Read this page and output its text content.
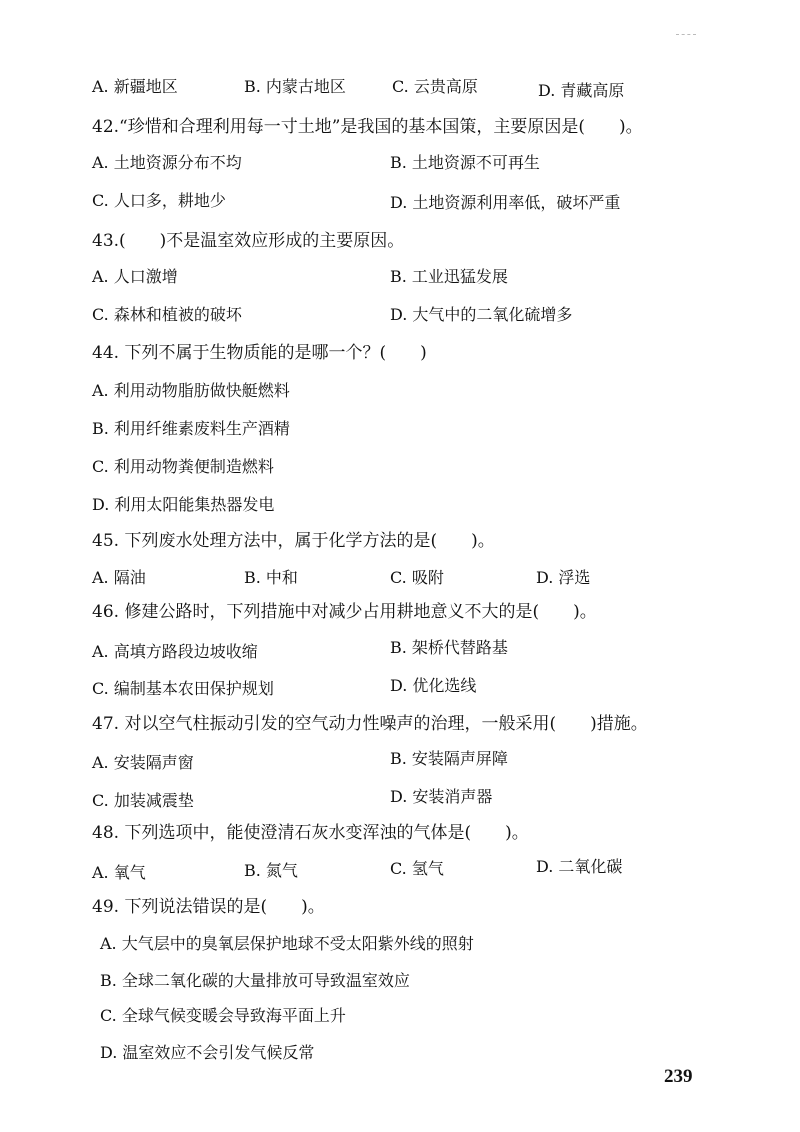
A. 新疆地区	B. 内蒙古地区	C. 云贵高原	D. 青藏高原
42.“珍惜和合理利用每一寸土地”是我国的基本国策，主要原因是(　　)。
A. 土地资源分布不均	B. 土地资源不可再生
C. 人口多，耕地少	D. 土地资源利用率低，破坏严重
43.(　　)不是温室效应形成的主要原因。
A. 人口激增	B. 工业迅猛发展
C. 森林和植被的破坏	D. 大气中的二氧化硫增多
44. 下列不属于生物质能的是哪一个？(　　)
A. 利用动物脂肪做快艇燃料
B. 利用纤维素废料生产酒精
C. 利用动物粪便制造燃料
D. 利用太阳能集热器发电
45. 下列废水处理方法中，属于化学方法的是(　　)。
A. 隔油	B. 中和	C. 吸附	D. 浮选
46. 修建公路时，下列措施中对减少占用耕地意义不大的是(　　)。
A. 高填方路段边坡收缩	B. 架桥代替路基
C. 编制基本农田保护规划	D. 优化选线
47. 对以空气柱振动引发的空气动力性噪声的治理，一般采用(　　)措施。
A. 安装隔声窗	B. 安装隔声屏障
C. 加装减震垫	D. 安装消声器
48. 下列选项中，能使澄清石灰水变浑浊的气体是(　　)。
A. 氧气	B. 氮气	C. 氢气	D. 二氧化碳
49. 下列说法错误的是(　　)。
A. 大气层中的臭氧层保护地球不受太阳紫外线的照射
B. 全球二氧化碳的大量排放可导致温室效应
C. 全球气候变暖会导致海平面上升
D. 温室效应不会引发气候反常
239
